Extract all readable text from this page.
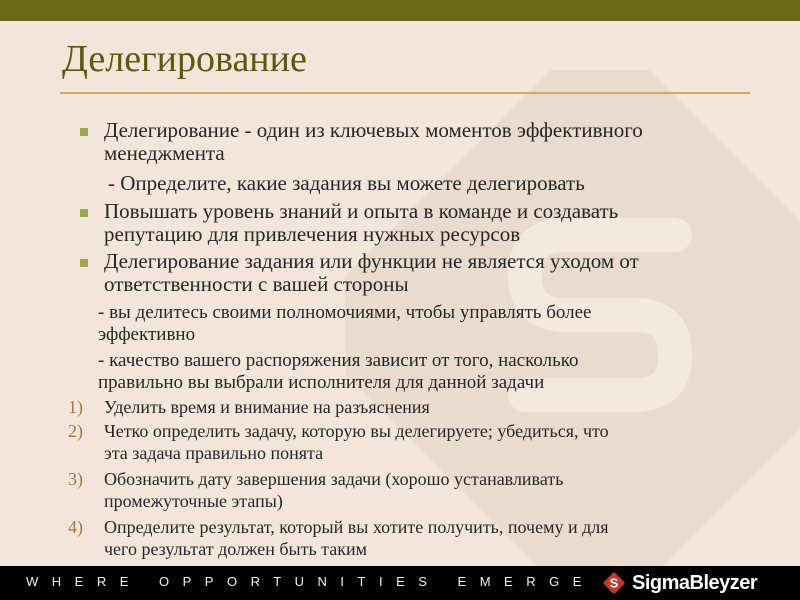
Делегирование
Делегирование - один из ключевых моментов эффективного
менеджмента
- Определите, какие задания вы можете делегировать
Повышать уровень знаний и опыта в команде и создавать
репутацию для привлечения нужных ресурсов
Делегирование задания или функции не является уходом от
ответственности с вашей стороны
- вы делитесь своими полномочиями, чтобы управлять более
эффективно
- качество вашего распоряжения зависит от того, насколько
правильно вы выбрали исполнителя для данной задачи
1) Уделить время и внимание на разъяснения
2) Четко определить задачу, которую вы делегируете; убедиться, что
эта задача правильно понята
3) Обозначить дату завершения задачи (хорошо устанавливать
промежуточные этапы)
4) Определите результат, который вы хотите получить, почему и для
чего результат должен быть таким
WHERE OPPORTUNITIES EMERGE S SigmaBleyzer
